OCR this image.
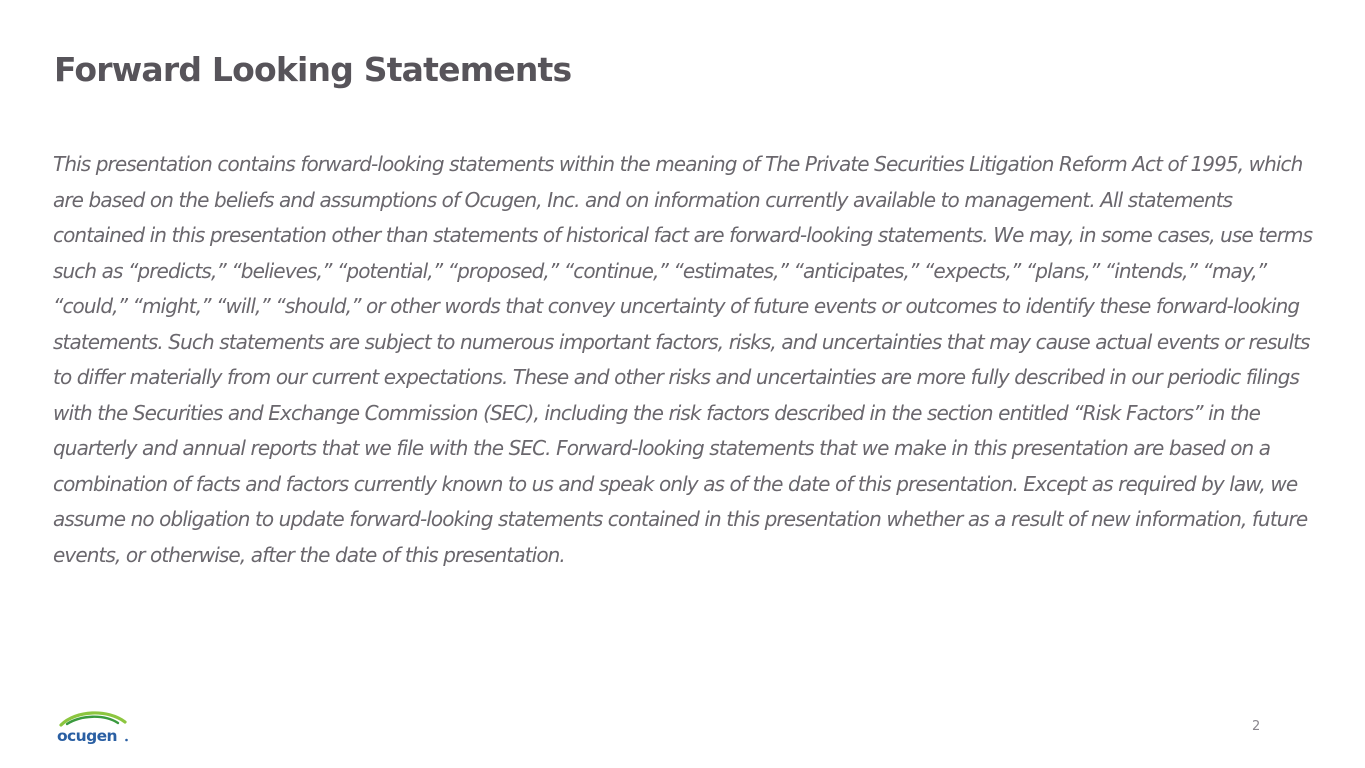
Forward Looking Statements

This presentation contains forward-looking statements within the meaning of The Private Securities Litigation Reform Act of 1995, which are based on the beliefs and assumptions of Ocugen, Inc. and on information currently available to management. All statements contained in this presentation other than statements of historical fact are forward-looking statements. We may, in some cases, use terms such as “predicts,” “believes,” “potential,” “proposed,” “continue,” “estimates,” “anticipates,” “expects,” “plans,” “intends,” “may,” “could,” “might,” “will,” “should,” or other words that convey uncertainty of future events or outcomes to identify these forward-looking statements. Such statements are subject to numerous important factors, risks, and uncertainties that may cause actual events or results to differ materially from our current expectations. These and other risks and uncertainties are more fully described in our periodic filings with the Securities and Exchange Commission (SEC), including the risk factors described in the section entitled “Risk Factors” in the quarterly and annual reports that we file with the SEC. Forward-looking statements that we make in this presentation are based on a combination of facts and factors currently known to us and speak only as of the date of this presentation. Except as required by law, we assume no obligation to update forward-looking statements contained in this presentation whether as a result of new information, future events, or otherwise, after the date of this presentation.

ocugen
2
